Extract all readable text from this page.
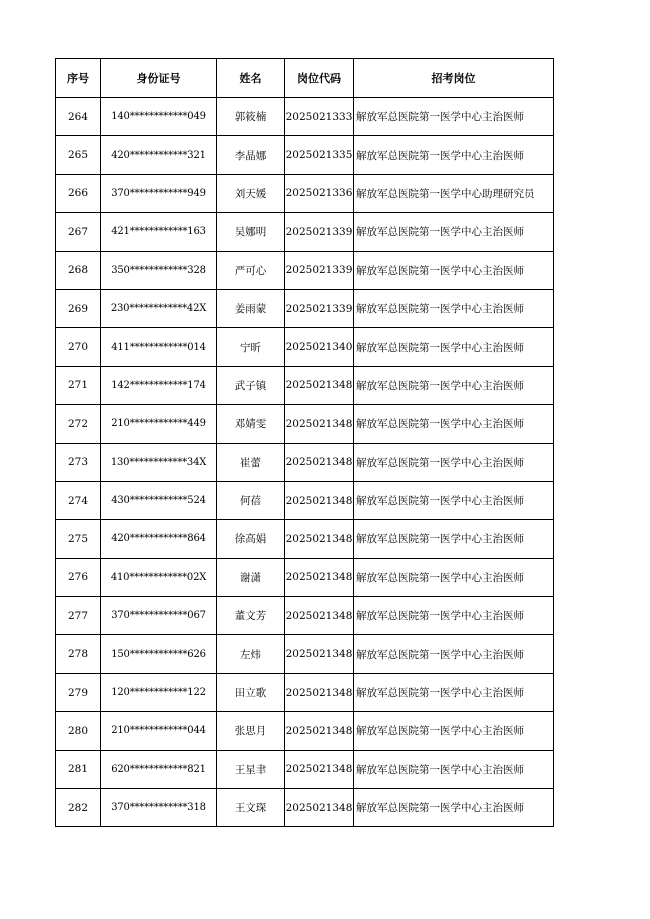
序号	身份证号	姓名	岗位代码	招考岗位
264	140************049	郭筱楠	2025021333	解放军总医院第一医学中心主治医师
265	420************321	李晶娜	2025021335	解放军总医院第一医学中心主治医师
266	370************949	刘天媛	2025021336	解放军总医院第一医学中心助理研究员
267	421************163	吴娜明	2025021339	解放军总医院第一医学中心主治医师
268	350************328	严可心	2025021339	解放军总医院第一医学中心主治医师
269	230************42X	姜雨蒙	2025021339	解放军总医院第一医学中心主治医师
270	411************014	宁昕	2025021340	解放军总医院第一医学中心主治医师
271	142************174	武子镇	2025021348	解放军总医院第一医学中心主治医师
272	210************449	邓婧雯	2025021348	解放军总医院第一医学中心主治医师
273	130************34X	崔蕾	2025021348	解放军总医院第一医学中心主治医师
274	430************524	何蓓	2025021348	解放军总医院第一医学中心主治医师
275	420************864	徐高娟	2025021348	解放军总医院第一医学中心主治医师
276	410************02X	谢潇	2025021348	解放军总医院第一医学中心主治医师
277	370************067	董文芳	2025021348	解放军总医院第一医学中心主治医师
278	150************626	左炜	2025021348	解放军总医院第一医学中心主治医师
279	120************122	田立歌	2025021348	解放军总医院第一医学中心主治医师
280	210************044	张思月	2025021348	解放军总医院第一医学中心主治医师
281	620************821	王星聿	2025021348	解放军总医院第一医学中心主治医师
282	370************318	王文琛	2025021348	解放军总医院第一医学中心主治医师
